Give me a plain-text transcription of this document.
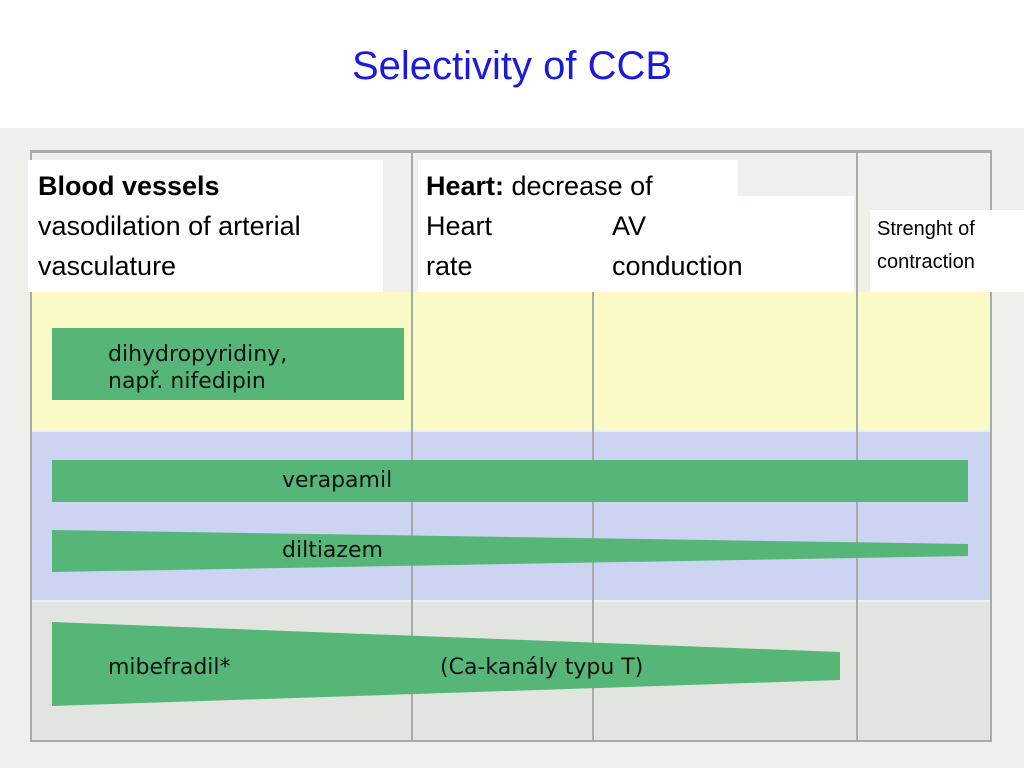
Selectivity of CCB
Blood vessels
vasodilation of arterial
vasculature
Heart: decrease of
Heart
rate
AV
conduction
Strenght of
contraction
dihydropyridiny,
např. nifedipin
verapamil
diltiazem
mibefradil*	(Ca-kanály typu T)
